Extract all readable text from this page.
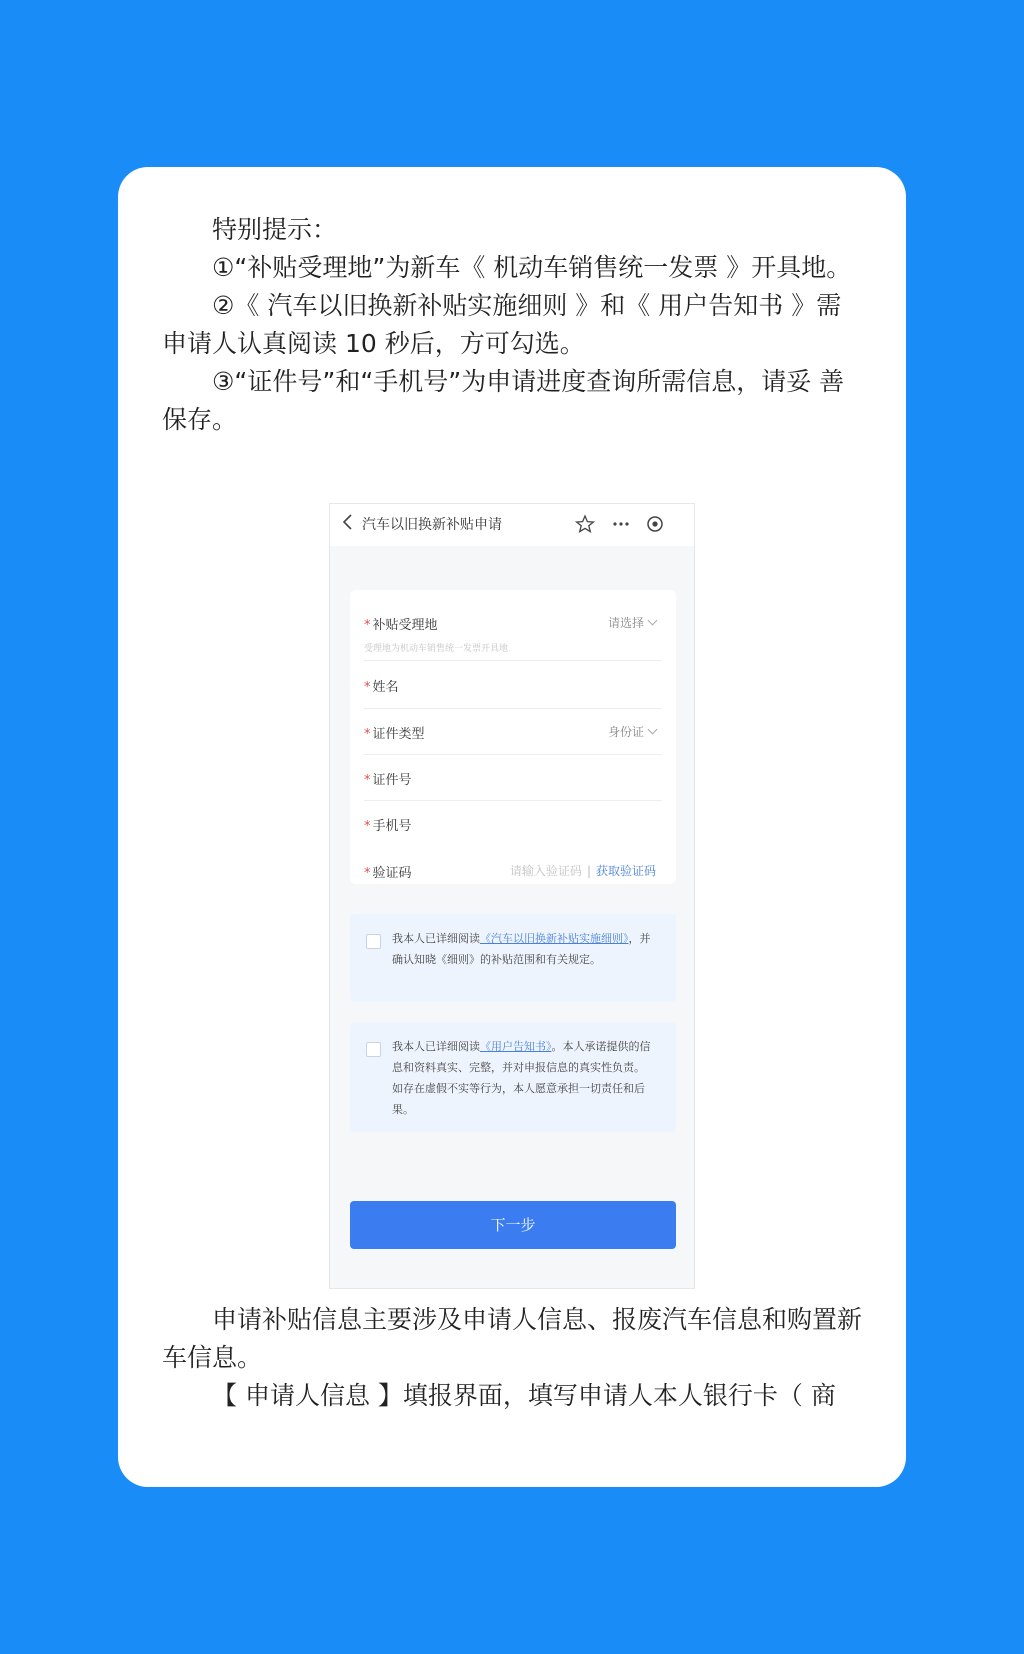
特别提示：

①“补贴受理地”为新车《 机动车销售统一发票 》开具地。

②《 汽车以旧换新补贴实施细则 》和《 用户告知书 》需申请人认真阅读 10 秒后，方可勾选。

③“证件号”和“手机号”为申请进度查询所需信息，请妥 善保存。

汽车以旧换新补贴申请
* 补贴受理地	请选择
受理地为机动车销售统一发票开具地
* 姓名
* 证件类型	身份证
* 证件号
* 手机号
* 验证码	请输入验证码 | 获取验证码
我本人已详细阅读《汽车以旧换新补贴实施细则》，并确认知晓《细则》的补贴范围和有关规定。
我本人已详细阅读《用户告知书》。本人承诺提供的信息和资料真实、完整，并对申报信息的真实性负责。如存在虚假不实等行为，本人愿意承担一切责任和后果。
下一步

申请补贴信息主要涉及申请人信息、报废汽车信息和购置新车信息。

【 申请人信息 】填报界面，填写申请人本人银行卡（ 商
